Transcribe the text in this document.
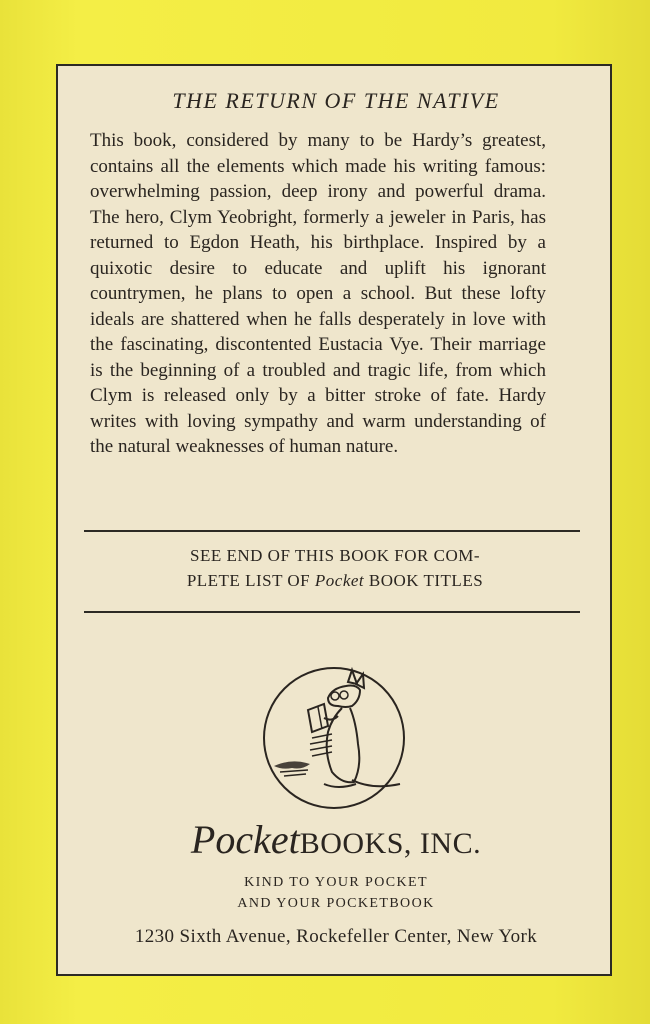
THE RETURN OF THE NATIVE
This book, considered by many to be Hardy’s greatest, contains all the elements which made his writing famous: overwhelming passion, deep irony and powerful drama. The hero, Clym Yeobright, formerly a jeweler in Paris, has returned to Egdon Heath, his birthplace. Inspired by a quixotic desire to educate and uplift his ignorant countrymen, he plans to open a school. But these lofty ideals are shattered when he falls desperately in love with the fascinating, discontented Eustacia Vye. Their marriage is the beginning of a troubled and tragic life, from which Clym is released only by a bitter stroke of fate. Hardy writes with loving sympathy and warm understanding of the natural weaknesses of human nature.
SEE END OF THIS BOOK FOR COM-
PLETE LIST OF Pocket BOOK TITLES
PocketBOOKS, INC.
KIND TO YOUR POCKET
AND YOUR POCKETBOOK
1230 Sixth Avenue, Rockefeller Center, New York
